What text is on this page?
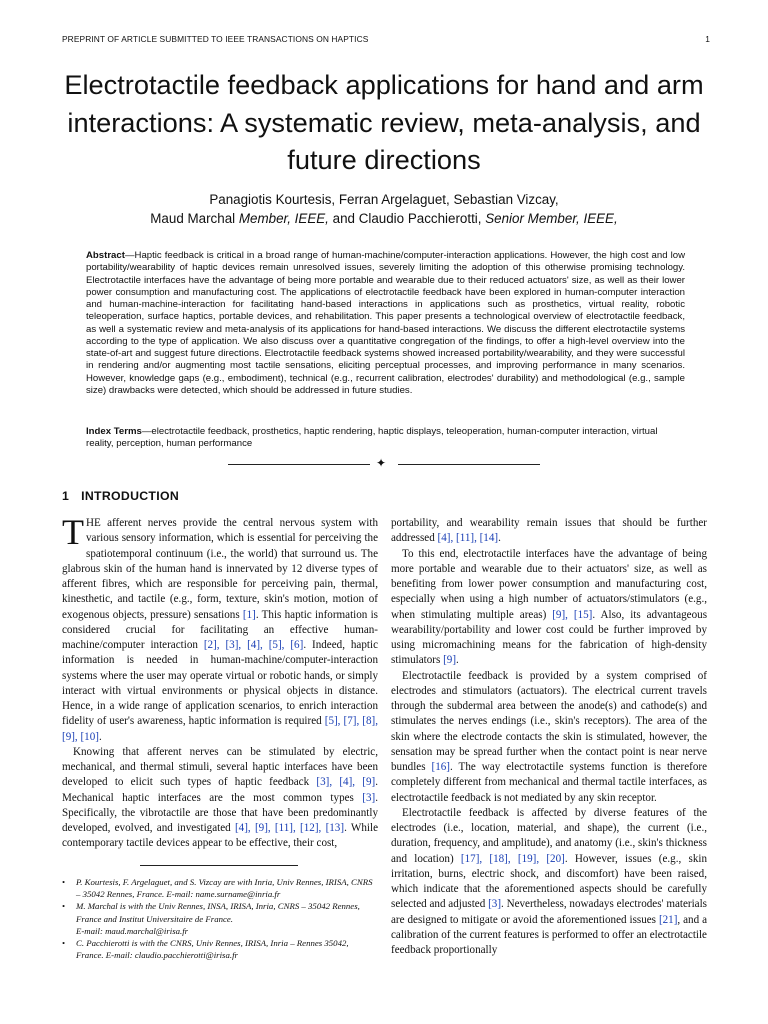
PREPRINT OF ARTICLE SUBMITTED TO IEEE TRANSACTIONS ON HAPTICS	1
Electrotactile feedback applications for hand and arm interactions: A systematic review, meta-analysis, and future directions
Panagiotis Kourtesis, Ferran Argelaguet, Sebastian Vizcay,
Maud Marchal Member, IEEE, and Claudio Pacchierotti, Senior Member, IEEE,
Abstract—Haptic feedback is critical in a broad range of human-machine/computer-interaction applications. However, the high cost and low portability/wearability of haptic devices remain unresolved issues, severely limiting the adoption of this otherwise promising technology. Electrotactile interfaces have the advantage of being more portable and wearable due to their reduced actuators' size, as well as their lower power consumption and manufacturing cost. The applications of electrotactile feedback have been explored in human-computer interaction and human-machine-interaction for facilitating hand-based interactions in applications such as prosthetics, virtual reality, robotic teleoperation, surface haptics, portable devices, and rehabilitation. This paper presents a technological overview of electrotactile feedback, as well a systematic review and meta-analysis of its applications for hand-based interactions. We discuss the different electrotactile systems according to the type of application. We also discuss over a quantitative congregation of the findings, to offer a high-level overview into the state-of-art and suggest future directions. Electrotactile feedback systems showed increased portability/wearability, and they were successful in rendering and/or augmenting most tactile sensations, eliciting perceptual processes, and improving performance in many scenarios. However, knowledge gaps (e.g., embodiment), technical (e.g., recurrent calibration, electrodes' durability) and methodological (e.g., sample size) drawbacks were detected, which should be addressed in future studies.
Index Terms—electrotactile feedback, prosthetics, haptic rendering, haptic displays, teleoperation, human-computer interaction, virtual reality, perception, human performance
✦
1 INTRODUCTION

THE afferent nerves provide the central nervous system with various sensory information, which is essential for perceiving the spatiotemporal continuum (i.e., the world) that surround us. The glabrous skin of the human hand is innervated by 12 diverse types of afferent fibres, which are responsible for perceiving pain, thermal, kinesthetic, and tactile (e.g., form, texture, skin's motion, motion of exogenous objects, pressure) sensations [1]. This haptic information is considered crucial for facilitating an effective human-machine/computer interaction [2], [3], [4], [5], [6]. Indeed, haptic information is needed in human-machine/computer-interaction systems where the user may operate virtual or robotic hands, or simply interact with virtual environments or physical objects in distance. Hence, in a wide range of application scenarios, to enrich interaction fidelity of user's awareness, haptic information is required [5], [7], [8], [9], [10].

Knowing that afferent nerves can be stimulated by electric, mechanical, and thermal stimuli, several haptic interfaces have been developed to elicit such types of haptic feedback [3], [4], [9]. Mechanical haptic interfaces are the most common types [3]. Specifically, the vibrotactile are those that have been predominantly developed, evolved, and investigated [4], [9], [11], [12], [13]. While contemporary tactile devices appear to be effective, their cost,

• P. Kourtesis, F. Argelaguet, and S. Vizcay are with Inria, Univ Rennes, IRISA, CNRS – 35042 Rennes, France. E-mail: name.surname@inria.fr
• M. Marchal is with the Univ Rennes, INSA, IRISA, Inria, CNRS – 35042 Rennes, France and Institut Universitaire de France.
E-mail: maud.marchal@irisa.fr
• C. Pacchierotti is with the CNRS, Univ Rennes, IRISA, Inria – Rennes 35042, France. E-mail: claudio.pacchierotti@irisa.fr

portability, and wearability remain issues that should be further addressed [4], [11], [14].

To this end, electrotactile interfaces have the advantage of being more portable and wearable due to their actuators' size, as well as benefiting from lower power consumption and manufacturing cost, especially when using a high number of actuators/stimulators (e.g., when stimulating multiple areas) [9], [15]. Also, its advantageous wearability/portability and lower cost could be further improved by using micromachining means for the fabrication of high-density stimulators [9].

Electrotactile feedback is provided by a system comprised of electrodes and stimulators (actuators). The electrical current travels through the subdermal area between the anode(s) and cathode(s) and stimulates the nerves endings (i.e., skin's receptors). The area of the skin where the electrode contacts the skin is stimulated, however, the sensation may be spread further when the contact point is near nerve bundles [16]. The way electrotactile systems function is therefore completely different from mechanical and thermal tactile interfaces, as electrotactile feedback is not mediated by any skin receptor.

Electrotactile feedback is affected by diverse features of the electrodes (i.e., location, material, and shape), the current (i.e., duration, frequency, and amplitude), and anatomy (i.e., skin's thickness and location) [17], [18], [19], [20]. However, issues (e.g., skin irritation, burns, electric shock, and discomfort) have been raised, which indicate that the aforementioned aspects should be carefully selected and adjusted [3]. Nevertheless, nowadays electrodes' materials are designed to mitigate or avoid the aforementioned issues [21], and a calibration of the current features is performed to offer an electrotactile feedback proportionally
